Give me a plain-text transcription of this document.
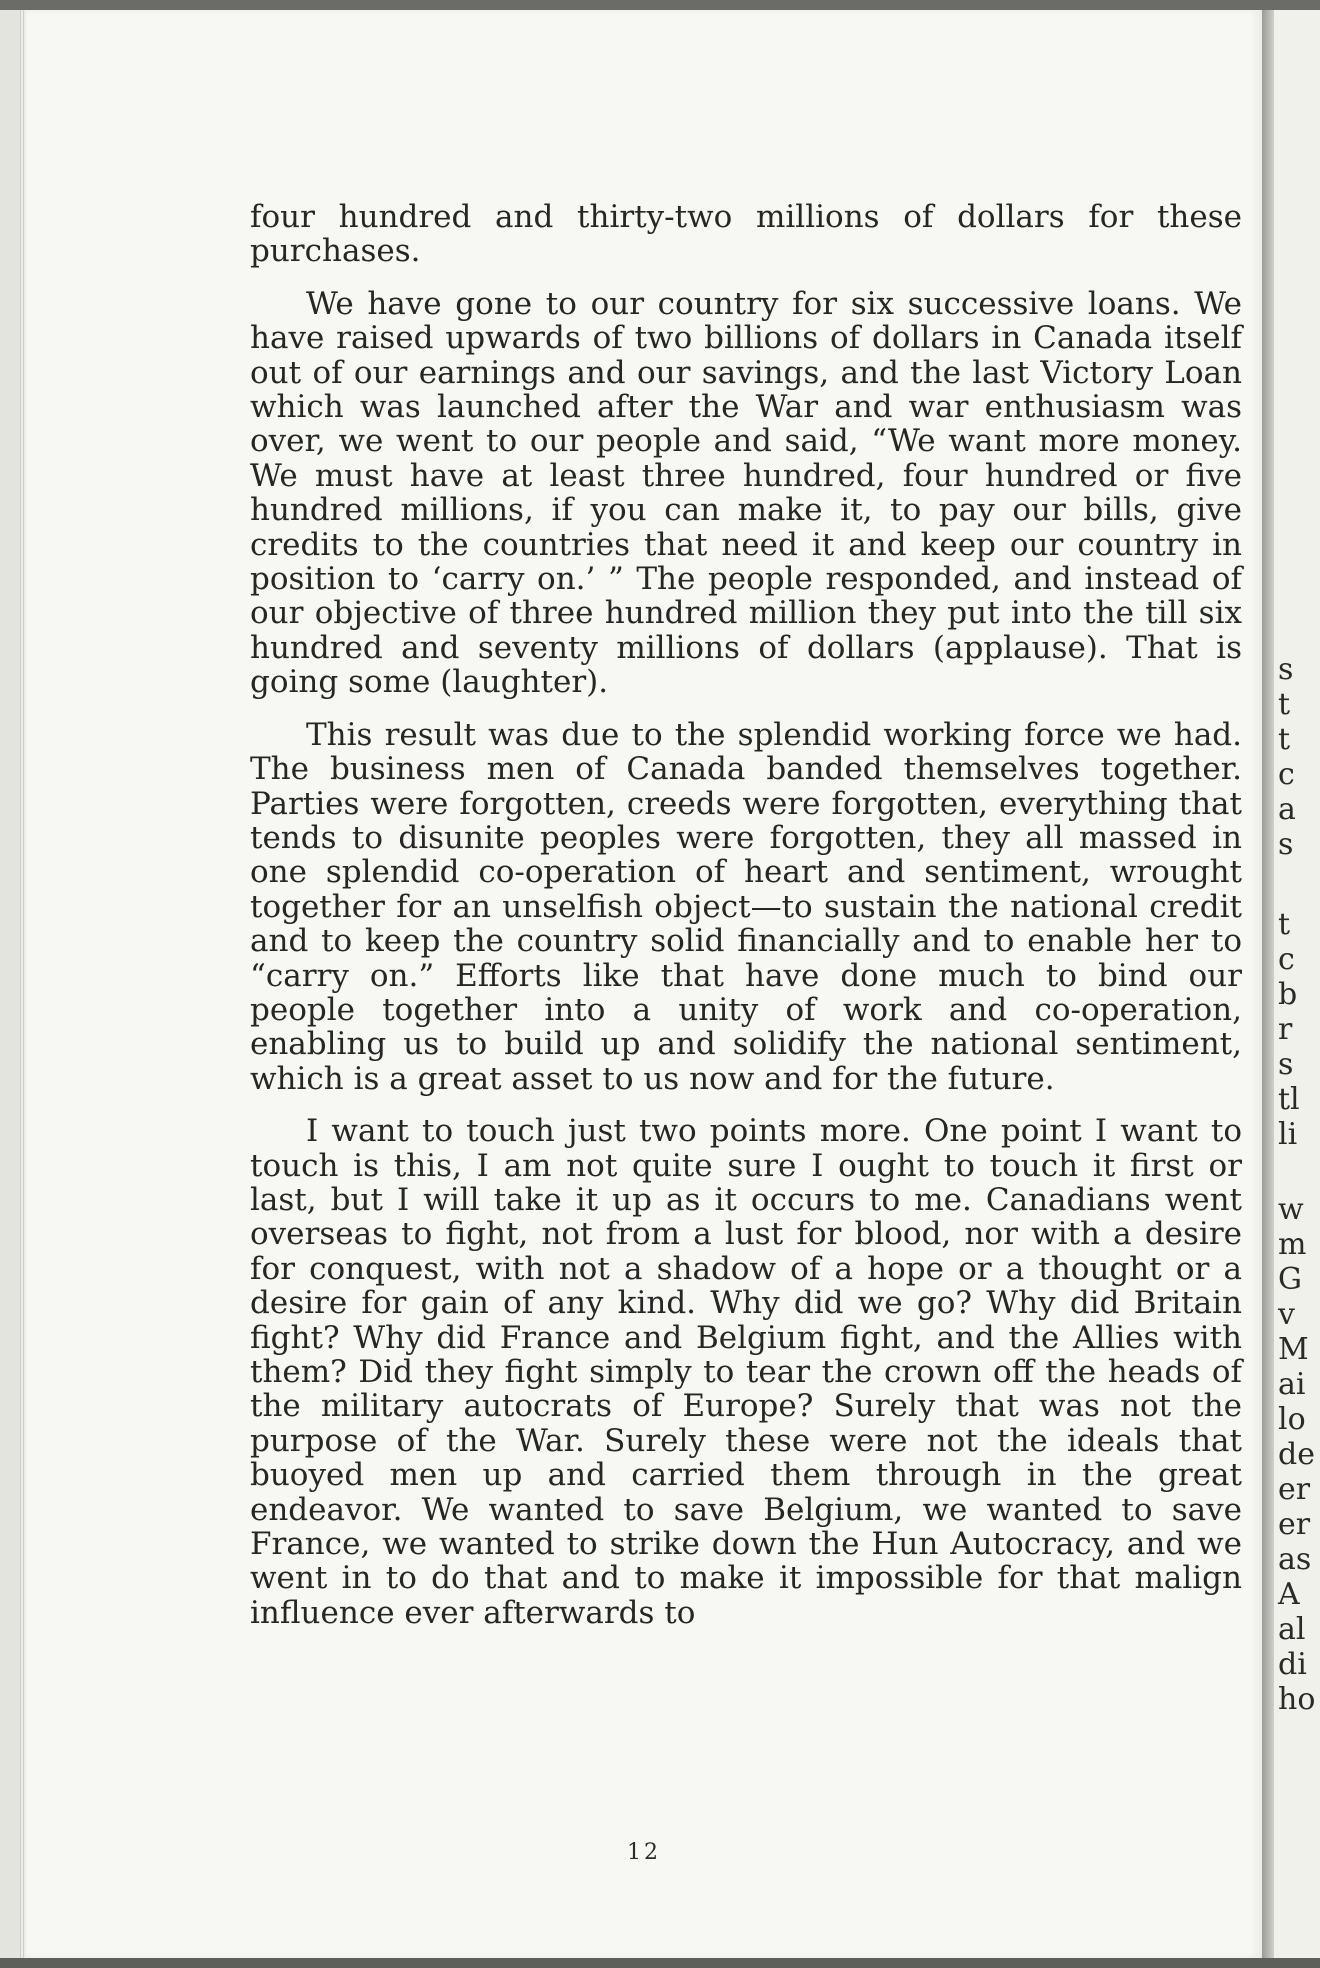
four hundred and thirty-two millions of dollars for these purchases.

We have gone to our country for six successive loans. We have raised upwards of two billions of dollars in Canada itself out of our earnings and our savings, and the last Victory Loan which was launched after the War and war enthusiasm was over, we went to our people and said, “We want more money. We must have at least three hundred, four hundred or five hundred millions, if you can make it, to pay our bills, give credits to the countries that need it and keep our country in position to ‘carry on.’ ” The people responded, and instead of our objective of three hundred million they put into the till six hundred and seventy millions of dollars (applause). That is going some (laughter).

This result was due to the splendid working force we had. The business men of Canada banded themselves together. Parties were forgotten, creeds were forgotten, everything that tends to disunite peoples were forgotten, they all massed in one splendid co-operation of heart and sentiment, wrought together for an unselfish object—to sustain the national credit and to keep the country solid financially and to enable her to “carry on.” Efforts like that have done much to bind our people together into a unity of work and co-operation, enabling us to build up and solidify the national sentiment, which is a great asset to us now and for the future.

I want to touch just two points more. One point I want to touch is this, I am not quite sure I ought to touch it first or last, but I will take it up as it occurs to me. Canadians went overseas to fight, not from a lust for blood, nor with a desire for conquest, with not a shadow of a hope or a thought or a desire for gain of any kind. Why did we go? Why did Britain fight? Why did France and Belgium fight, and the Allies with them? Did they fight simply to tear the crown off the heads of the military autocrats of Europe? Surely that was not the purpose of the War. Surely these were not the ideals that buoyed men up and carried them through in the great endeavor. We wanted to save Belgium, we wanted to save France, we wanted to strike down the Hun Autocracy, and we went in to do that and to make it impossible for that malign influence ever afterwards to

12
s
t
t
c
a
s
t
c
b
r
s
tl
li
w
m
G
v
M
ai
lo
de
er
er
as
A
al
di
ho
